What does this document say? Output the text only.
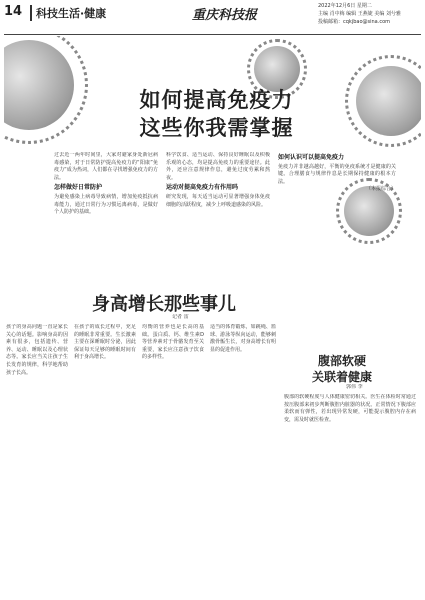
14	科技生活·健康	重庆科技报
2022年12月6日 星期二
主编 肖中梅 编辑 王燕婕 美编 刘兮雅
投稿邮箱：cqkjbao@sina.com
如何提高免疫力
这些你我需掌握
过去近一两年时间里，大家对避家身处新冠病毒感染，对于日常防护提高免疫力的“阳康”免疫力“成为热词，人们都在寻找增强免疫力的方法。
怎样做好日常防护
为避免感染上病毒导致病情，增加免疫抵抗病毒能力，通过日常行为习惯远离病毒，是做好个人防护的基础。
科学饮食、适当运动、保持良好睡眠以及积极乐观的心态，均是提高免疫力的重要途径。此外，还应注意规律作息，避免过度劳累和熬夜。
运动对提高免疫力有作用吗
研究发现，每天适当运动可显著增强身体免疫细胞的活跃程度，减少上呼吸道感染的风险。
如何认识可以提高免疫力
免疫力并非越高越好，平衡的免疫系统才是健康的关键。合理膳食与规律作息是长期保持健康的根本方法。
（本报综合）
身高增长那些事儿
记者 雷
孩子的身高问题一直是家长关心的话题。影响身高的因素有很多，包括遗传、营养、运动、睡眠以及心理状态等。家长应当关注孩子生长发育的规律，科学地帮助孩子长高。
在孩子的成长过程中，充足的睡眠非常重要。生长激素主要在深睡眠时分泌，因此保证每天足够的睡眠时间有利于身高增长。
均衡的营养也是长高的基础。蛋白质、钙、维生素D等营养素对于骨骼发育至关重要，家长应注意孩子饮食的多样性。
适当的体育锻炼，如跳绳、篮球、游泳等纵向运动，能够刺激骨骺生长，对身高增长有明显的促进作用。
腹部软硬
关联着健康
郭伟 李
腹部的软硬程度与人体健康密切相关。医生在体检时常通过按压腹部来初步判断腹腔内脏器的状况。正常情况下腹部应柔软而有弹性，若出现异常发硬，可能提示腹腔内存在病变，需及时就医检查。
